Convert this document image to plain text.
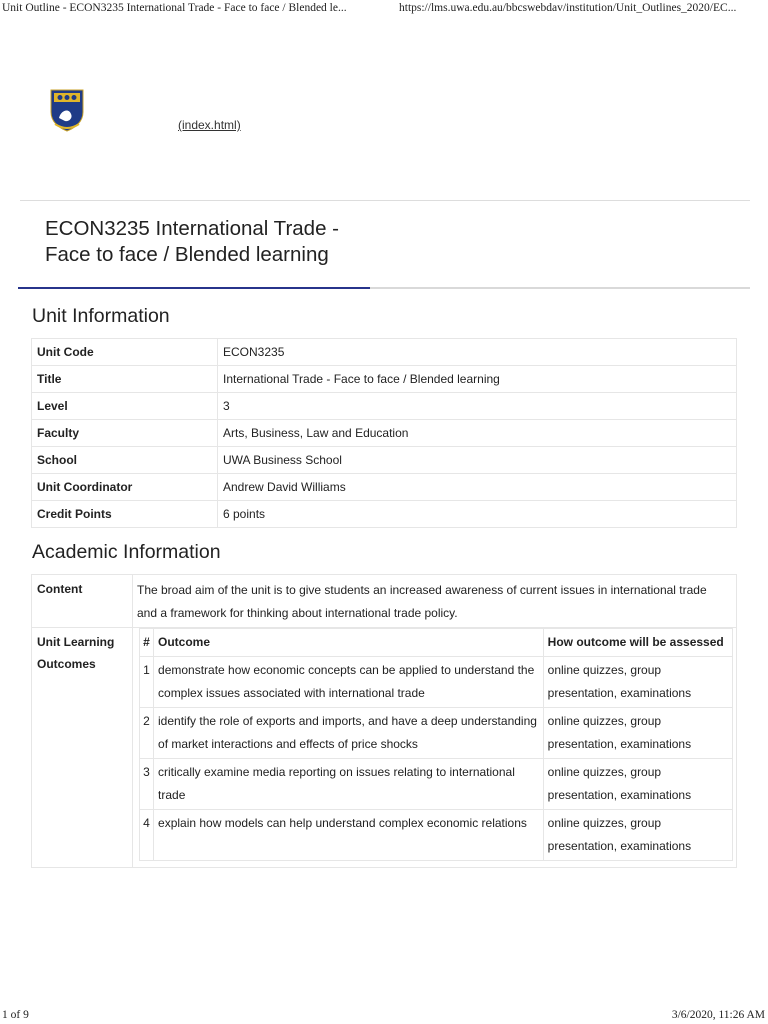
Unit Outline - ECON3235 International Trade - Face to face / Blended le...	https://lms.uwa.edu.au/bbcswebdav/institution/Unit_Outlines_2020/EC...
(index.html)
ECON3235 International Trade -
Face to face / Blended learning
Unit Information
Unit Code	ECON3235
Title	International Trade - Face to face / Blended learning
Level	3
Faculty	Arts, Business, Law and Education
School	UWA Business School
Unit Coordinator	Andrew David Williams
Credit Points	6 points
Academic Information
Content	The broad aim of the unit is to give students an increased awareness of current issues in international trade and a framework for thinking about international trade policy.
Unit Learning
Outcomes
#	Outcome	How outcome will be assessed
1	demonstrate how economic concepts can be applied to understand the complex issues associated with international trade	online quizzes, group presentation, examinations
2	identify the role of exports and imports, and have a deep understanding of market interactions and effects of price shocks	online quizzes, group presentation, examinations
3	critically examine media reporting on issues relating to international trade	online quizzes, group presentation, examinations
4	explain how models can help understand complex economic relations	online quizzes, group presentation, examinations
1 of 9	3/6/2020, 11:26 AM
